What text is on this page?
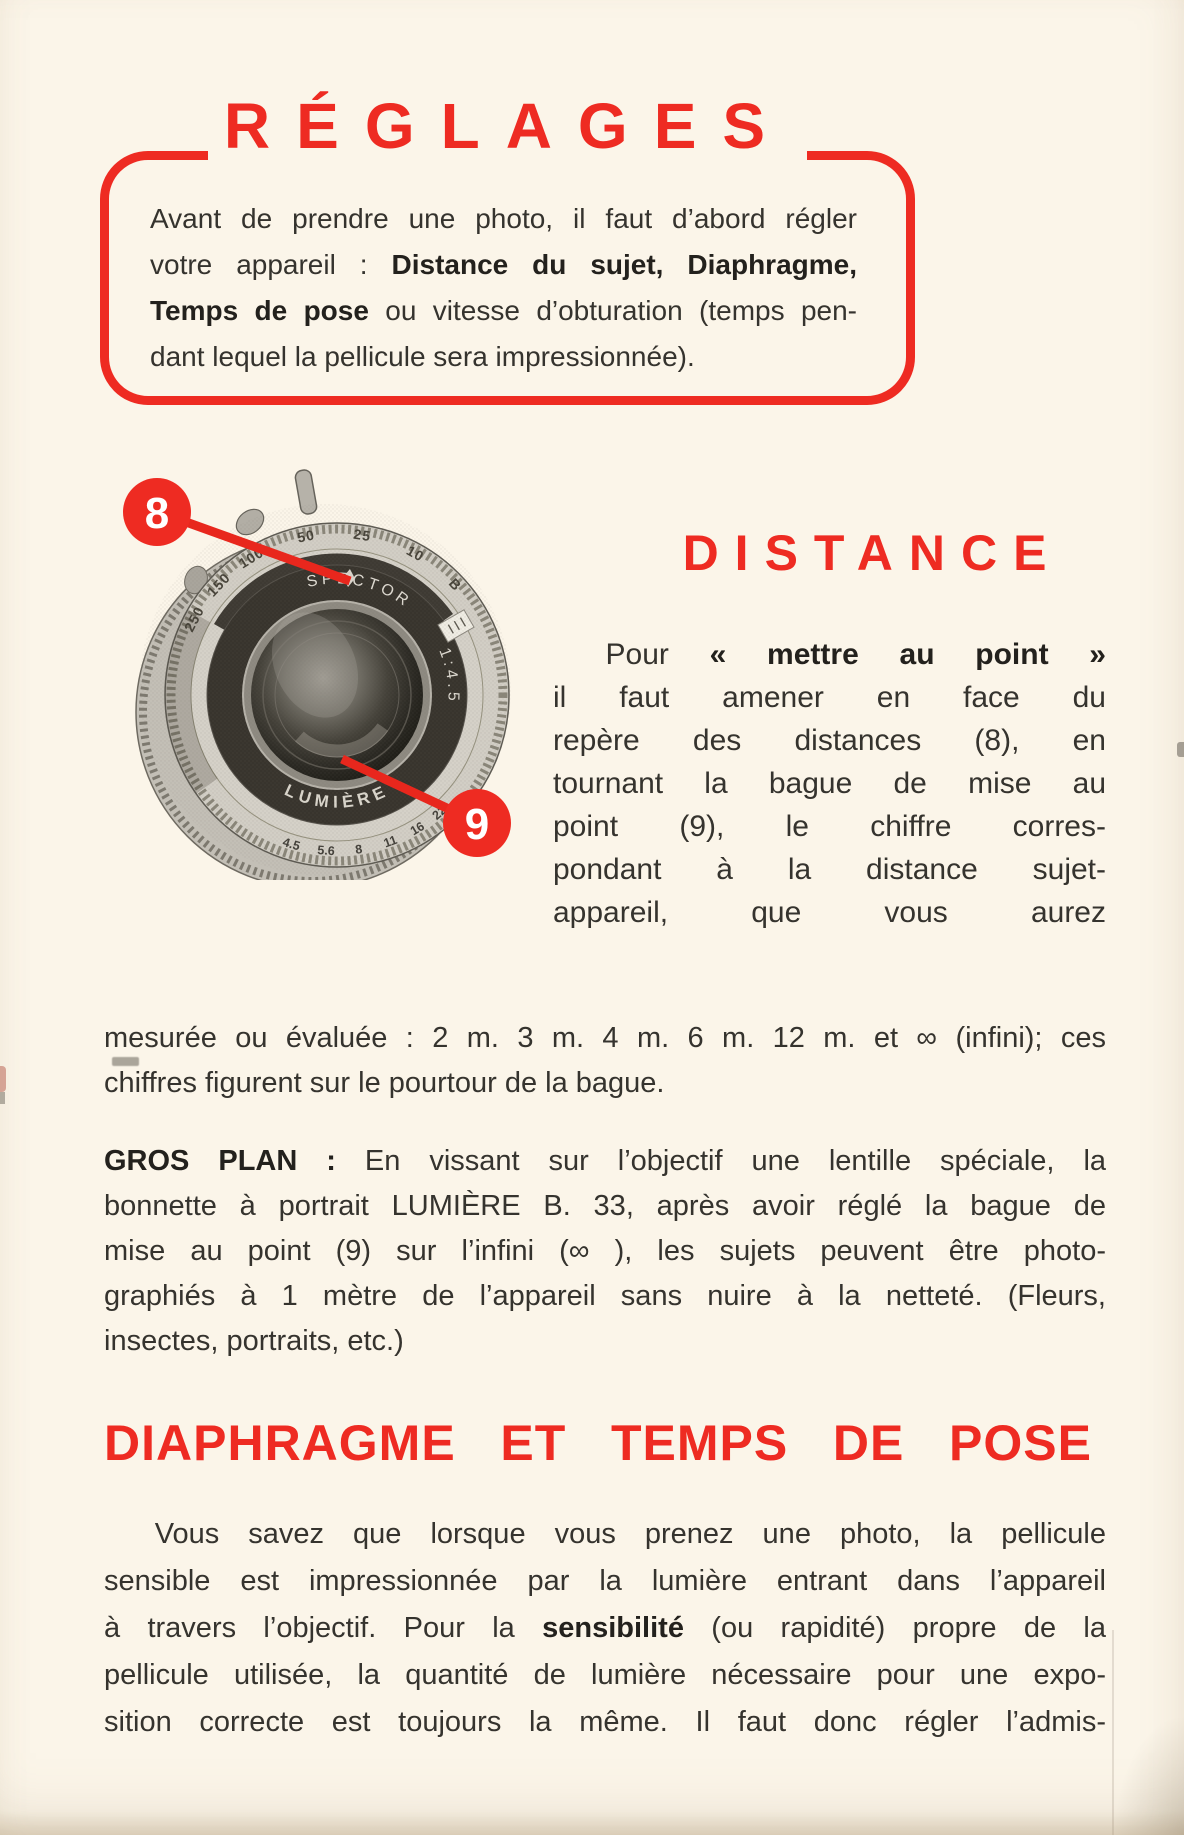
RÉGLAGES
Avant de prendre une photo, il faut d’abord régler
votre appareil : Distance du sujet, Diaphragme,
Temps de pose ou vitesse d’obturation (temps pen-
dant lequel la pellicule sera impressionnée).
8
9
DISTANCE
Pour « mettre au point »
il faut amener en face du
repère des distances (8), en
tournant la bague de mise au
point (9), le chiffre corres-
pondant à la distance sujet-
appareil, que vous aurez
mesurée ou évaluée : 2 m. 3 m. 4 m. 6 m. 12 m. et ∞ (infini); ces
chiffres figurent sur le pourtour de la bague.
GROS PLAN : En vissant sur l’objectif une lentille spéciale, la
bonnette à portrait LUMIÈRE B. 33, après avoir réglé la bague de
mise au point (9) sur l’infini (∞ ), les sujets peuvent être photo-
graphiés à 1 mètre de l’appareil sans nuire à la netteté. (Fleurs,
insectes, portraits, etc.)
DIAPHRAGME ET TEMPS DE POSE
Vous savez que lorsque vous prenez une photo, la pellicule
sensible est impressionnée par la lumière entrant dans l’appareil
à travers l’objectif. Pour la sensibilité (ou rapidité) propre de la
pellicule utilisée, la quantité de lumière nécessaire pour une expo-
sition correcte est toujours la même. Il faut donc régler l’admis-
